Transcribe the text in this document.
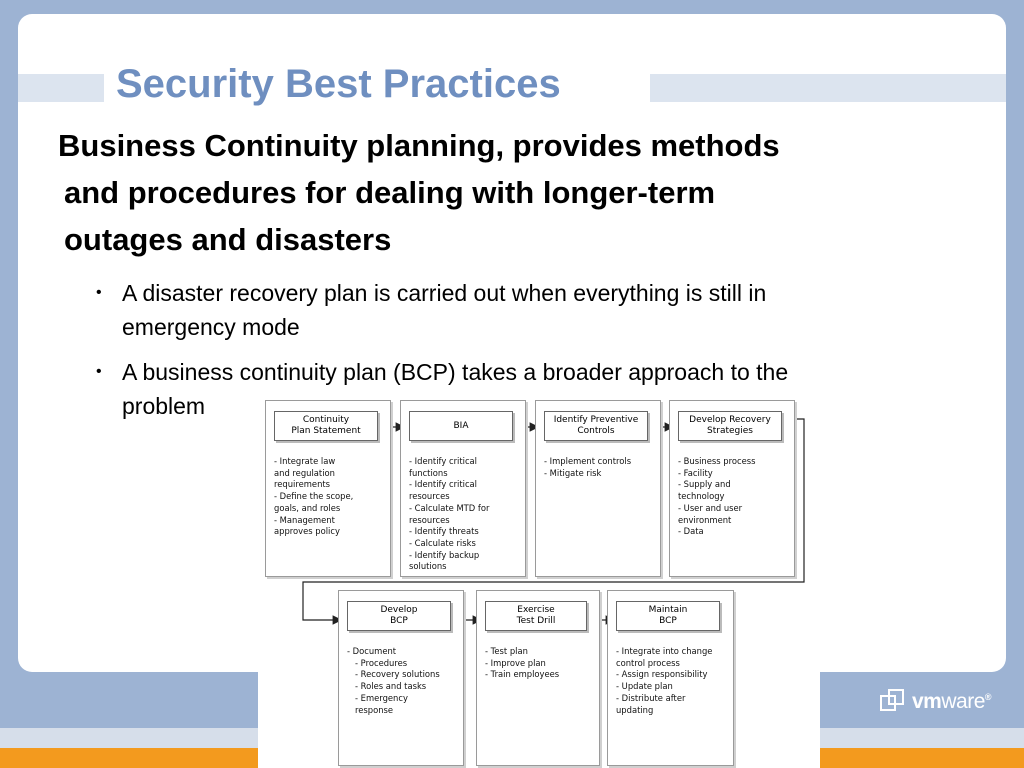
Security Best Practices
Business Continuity planning, provides methods
and procedures for dealing with longer-term
outages and disasters
• A disaster recovery plan is carried out when everything is still in
emergency mode
• A business continuity plan (BCP) takes a broader approach to the
problem
Continuity
Plan Statement
- Integrate law
and regulation
requirements
- Define the scope,
goals, and roles
- Management
approves policy
BIA
- Identify critical
functions
- Identify critical
resources
- Calculate MTD for
resources
- Identify threats
- Calculate risks
- Identify backup
solutions
Identify Preventive
Controls
- Implement controls
- Mitigate risk
Develop Recovery
Strategies
- Business process
- Facility
- Supply and
technology
- User and user
environment
- Data
Develop
BCP
- Document
- Procedures
- Recovery solutions
- Roles and tasks
- Emergency
response
Exercise
Test Drill
- Test plan
- Improve plan
- Train employees
Maintain
BCP
- Integrate into change
control process
- Assign responsibility
- Update plan
- Distribute after
updating	vmware®
